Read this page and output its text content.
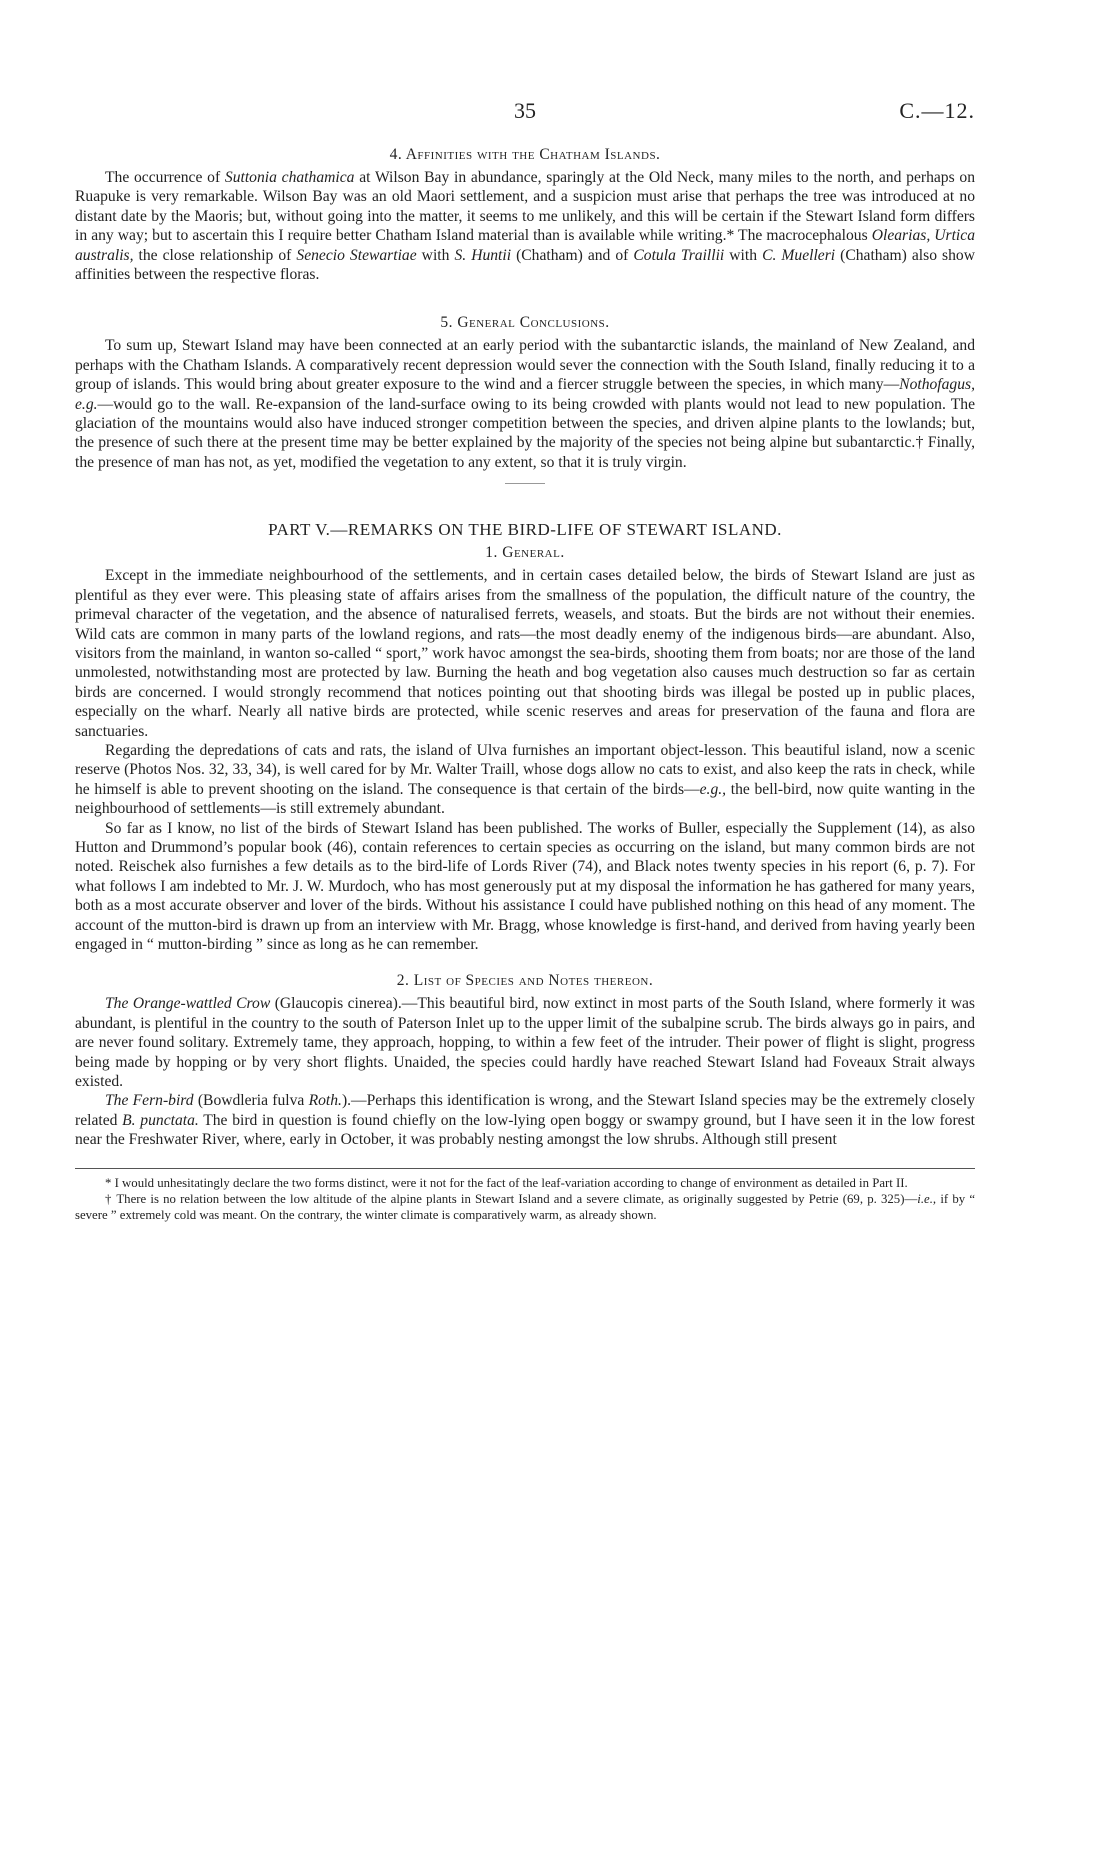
35	C.—12.
4. Affinities with the Chatham Islands.

The occurrence of Suttonia chathamica at Wilson Bay in abundance, sparingly at the Old Neck, many miles to the north, and perhaps on Ruapuke is very remarkable. Wilson Bay was an old Maori settlement, and a suspicion must arise that perhaps the tree was introduced at no distant date by the Maoris; but, without going into the matter, it seems to me unlikely, and this will be certain if the Stewart Island form differs in any way; but to ascertain this I require better Chatham Island material than is available while writing.* The macrocephalous Olearias, Urtica australis, the close relationship of Senecio Stewartiae with S. Huntii (Chatham) and of Cotula Traillii with C. Muelleri (Chatham) also show affinities between the respective floras.

5. General Conclusions.

To sum up, Stewart Island may have been connected at an early period with the subantarctic islands, the mainland of New Zealand, and perhaps with the Chatham Islands. A comparatively recent depression would sever the connection with the South Island, finally reducing it to a group of islands. This would bring about greater exposure to the wind and a fiercer struggle between the species, in which many—Nothofagus, e.g.—would go to the wall. Re-expansion of the land-surface owing to its being crowded with plants would not lead to new population. The glaciation of the mountains would also have induced stronger competition between the species, and driven alpine plants to the lowlands; but, the presence of such there at the present time may be better explained by the majority of the species not being alpine but subantarctic.† Finally, the presence of man has not, as yet, modified the vegetation to any extent, so that it is truly virgin.

PART V.—REMARKS ON THE BIRD-LIFE OF STEWART ISLAND.
1. General.

Except in the immediate neighbourhood of the settlements, and in certain cases detailed below, the birds of Stewart Island are just as plentiful as they ever were. This pleasing state of affairs arises from the smallness of the population, the difficult nature of the country, the primeval character of the vegetation, and the absence of naturalised ferrets, weasels, and stoats. But the birds are not without their enemies. Wild cats are common in many parts of the lowland regions, and rats—the most deadly enemy of the indigenous birds—are abundant. Also, visitors from the mainland, in wanton so-called “ sport,” work havoc amongst the sea-birds, shooting them from boats; nor are those of the land unmolested, notwithstanding most are protected by law. Burning the heath and bog vegetation also causes much destruction so far as certain birds are concerned. I would strongly recommend that notices pointing out that shooting birds was illegal be posted up in public places, especially on the wharf. Nearly all native birds are protected, while scenic reserves and areas for preservation of the fauna and flora are sanctuaries.

Regarding the depredations of cats and rats, the island of Ulva furnishes an important object-lesson. This beautiful island, now a scenic reserve (Photos Nos. 32, 33, 34), is well cared for by Mr. Walter Traill, whose dogs allow no cats to exist, and also keep the rats in check, while he himself is able to prevent shooting on the island. The consequence is that certain of the birds—e.g., the bell-bird, now quite wanting in the neighbourhood of settlements—is still extremely abundant.

So far as I know, no list of the birds of Stewart Island has been published. The works of Buller, especially the Supplement (14), as also Hutton and Drummond’s popular book (46), contain references to certain species as occurring on the island, but many common birds are not noted. Reischek also furnishes a few details as to the bird-life of Lords River (74), and Black notes twenty species in his report (6, p. 7). For what follows I am indebted to Mr. J. W. Murdoch, who has most generously put at my disposal the information he has gathered for many years, both as a most accurate observer and lover of the birds. Without his assistance I could have published nothing on this head of any moment. The account of the mutton-bird is drawn up from an interview with Mr. Bragg, whose knowledge is first-hand, and derived from having yearly been engaged in “ mutton-birding ” since as long as he can remember.

2. List of Species and Notes thereon.

The Orange-wattled Crow (Glaucopis cinerea).—This beautiful bird, now extinct in most parts of the South Island, where formerly it was abundant, is plentiful in the country to the south of Paterson Inlet up to the upper limit of the subalpine scrub. The birds always go in pairs, and are never found solitary. Extremely tame, they approach, hopping, to within a few feet of the intruder. Their power of flight is slight, progress being made by hopping or by very short flights. Unaided, the species could hardly have reached Stewart Island had Foveaux Strait always existed.

The Fern-bird (Bowdleria fulva Roth.).—Perhaps this identification is wrong, and the Stewart Island species may be the extremely closely related B. punctata. The bird in question is found chiefly on the low-lying open boggy or swampy ground, but I have seen it in the low forest near the Freshwater River, where, early in October, it was probably nesting amongst the low shrubs. Although still present

* I would unhesitatingly declare the two forms distinct, were it not for the fact of the leaf-variation according to change of environment as detailed in Part II.

† There is no relation between the low altitude of the alpine plants in Stewart Island and a severe climate, as originally suggested by Petrie (69, p. 325)—i.e., if by “ severe ” extremely cold was meant. On the contrary, the winter climate is comparatively warm, as already shown.
